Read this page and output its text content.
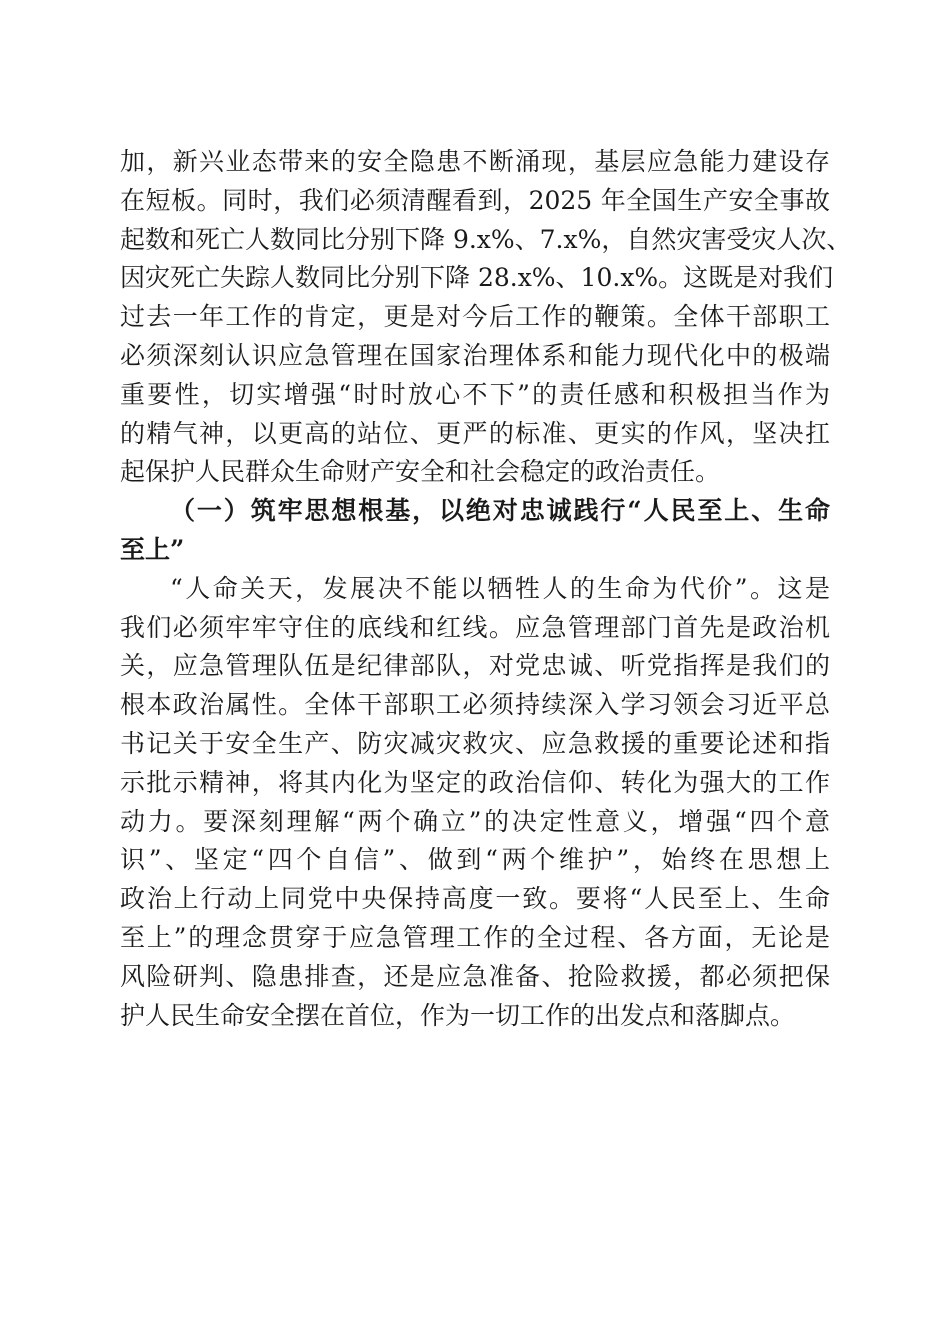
加，新兴业态带来的安全隐患不断涌现，基层应急能力建设存
在短板。同时，我们必须清醒看到，2025 年全国生产安全事故
起数和死亡人数同比分别下降 9.x%、7.x%，自然灾害受灾人次、
因灾死亡失踪人数同比分别下降 28.x%、10.x%。这既是对我们
过去一年工作的肯定，更是对今后工作的鞭策。全体干部职工
必须深刻认识应急管理在国家治理体系和能力现代化中的极端
重要性，切实增强“时时放心不下”的责任感和积极担当作为
的精气神，以更高的站位、更严的标准、更实的作风，坚决扛
起保护人民群众生命财产安全和社会稳定的政治责任。
（一）筑牢思想根基，以绝对忠诚践行“人民至上、生命
至上”
“人命关天，发展决不能以牺牲人的生命为代价”。这是
我们必须牢牢守住的底线和红线。应急管理部门首先是政治机
关，应急管理队伍是纪律部队，对党忠诚、听党指挥是我们的
根本政治属性。全体干部职工必须持续深入学习领会习近平总
书记关于安全生产、防灾减灾救灾、应急救援的重要论述和指
示批示精神，将其内化为坚定的政治信仰、转化为强大的工作
动力。要深刻理解“两个确立”的决定性意义，增强“四个意
识”、坚定“四个自信”、做到“两个维护”，始终在思想上
政治上行动上同党中央保持高度一致。要将“人民至上、生命
至上”的理念贯穿于应急管理工作的全过程、各方面，无论是
风险研判、隐患排查，还是应急准备、抢险救援，都必须把保
护人民生命安全摆在首位，作为一切工作的出发点和落脚点。
